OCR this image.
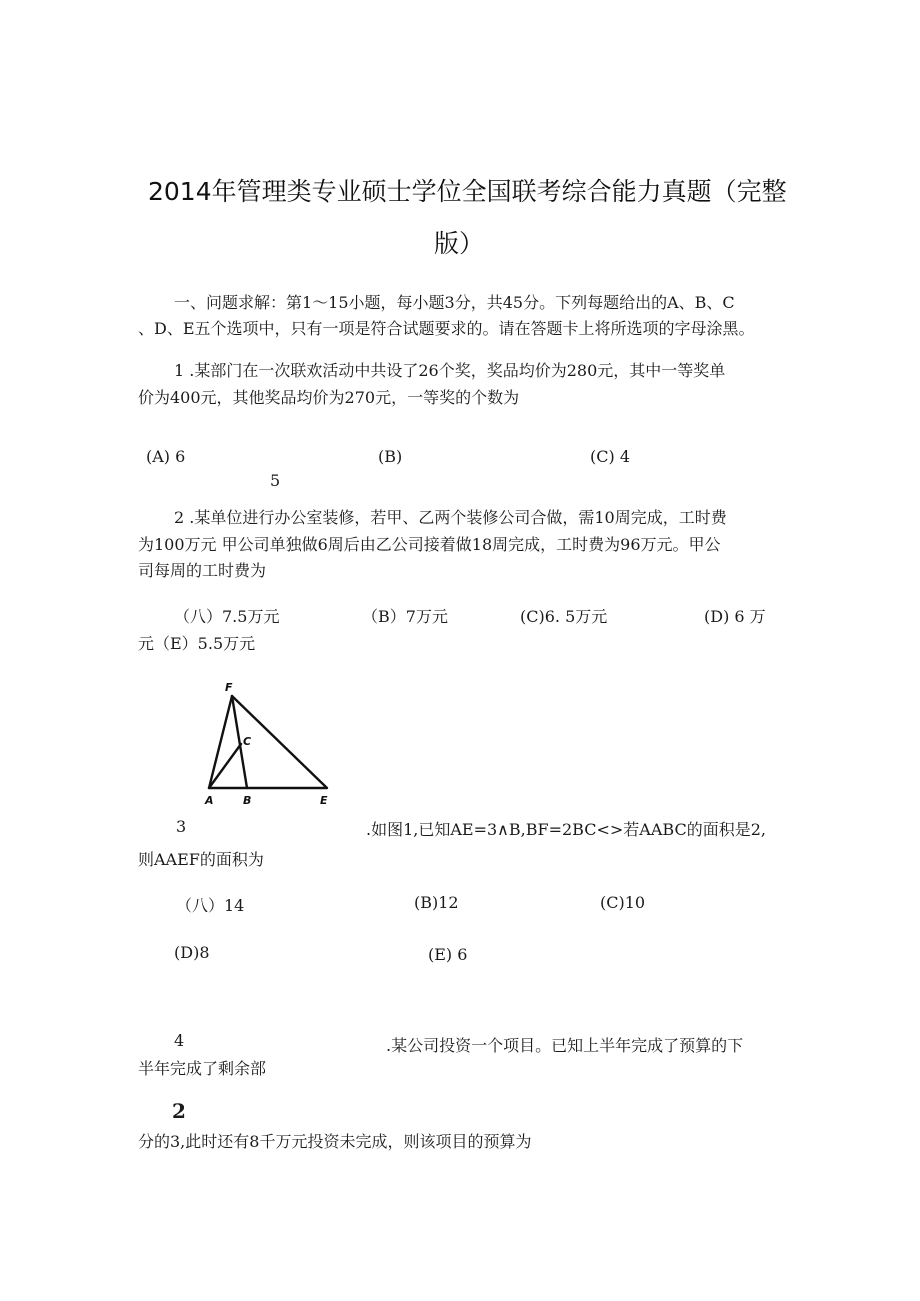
2014年管理类专业硕士学位全国联考综合能力真题（完整
版）
一、问题求解：第1～15小题，每小题3分，共45分。下列每题给出的A、B、C
、D、E五个选项中，只有一项是符合试题要求的。请在答题卡上将所选项的字母涂黑。
1 .某部门在一次联欢活动中共设了26个奖，奖品均价为280元，其中一等奖单
价为400元，其他奖品均价为270元，一等奖的个数为
(A) 6	(B)	(C) 4
5
2 .某单位进行办公室装修，若甲、乙两个装修公司合做，需10周完成，工时费
为100万元 甲公司单独做6周后由乙公司接着做18周完成，工时费为96万元。甲公
司每周的工时费为
（八）7.5万元	（B）7万元	(C)6. 5万元	(D) 6 万
元（E）5.5万元
F
C
A	B	E
3	.如图1,已知AE=3∧B,BF=2BC<>若AABC的面积是2,
则AAEF的面积为
（八）14	(B)12	(C)10
(D)8	(E) 6
4	.某公司投资一个项目。已知上半年完成了预算的下
半年完成了剩余部
2
分的3,此时还有8千万元投资未完成，则该项目的预算为
